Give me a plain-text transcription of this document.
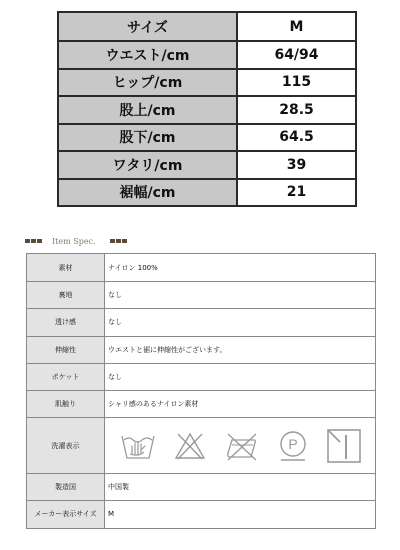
サイズ	M
ウエスト/cm	64/94
ヒップ/cm	115
股上/cm	28.5
股下/cm	64.5
ワタリ/cm	39
裾幅/cm	21
Item Spec.
素材	ナイロン 100%
裏地	なし
透け感	なし
伸縮性	ウエストと裾に伸縮性がございます。
ポケット	なし
肌触り	シャリ感のあるナイロン素材
洗濯表示	P
製造国	中国製
メーカー表示サイズ	M
